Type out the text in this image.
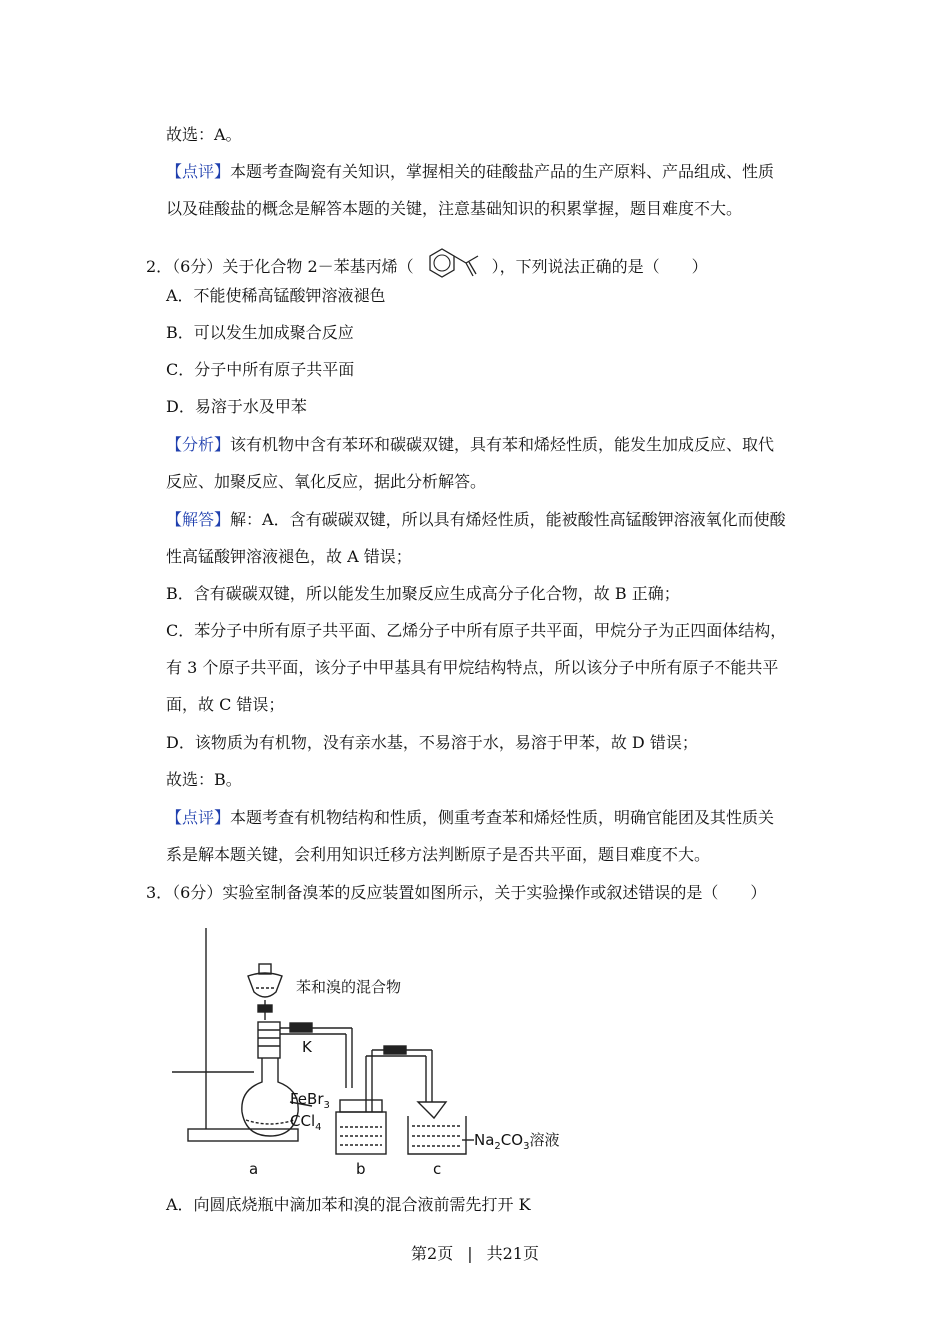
故选：A。
【点评】本题考查陶瓷有关知识，掌握相关的硅酸盐产品的生产原料、产品组成、性质
以及硅酸盐的概念是解答本题的关键，注意基础知识的积累掌握，题目难度不大。
2．（6分）关于化合物 2－苯基丙烯（	），下列说法正确的是（　　）
A．不能使稀高锰酸钾溶液褪色
B．可以发生加成聚合反应
C．分子中所有原子共平面
D．易溶于水及甲苯
【分析】该有机物中含有苯环和碳碳双键，具有苯和烯烃性质，能发生加成反应、取代
反应、加聚反应、氧化反应，据此分析解答。
【解答】解：A．含有碳碳双键，所以具有烯烃性质，能被酸性高锰酸钾溶液氧化而使酸
性高锰酸钾溶液褪色，故 A 错误；
B．含有碳碳双键，所以能发生加聚反应生成高分子化合物，故 B 正确；
C．苯分子中所有原子共平面、乙烯分子中所有原子共平面，甲烷分子为正四面体结构，
有 3 个原子共平面，该分子中甲基具有甲烷结构特点，所以该分子中所有原子不能共平
面，故 C 错误；
D．该物质为有机物，没有亲水基，不易溶于水，易溶于甲苯，故 D 错误；
故选：B。
【点评】本题考查有机物结构和性质，侧重考查苯和烯烃性质，明确官能团及其性质关
系是解本题关键，会利用知识迁移方法判断原子是否共平面，题目难度不大。
3．（6分）实验室制备溴苯的反应装置如图所示，关于实验操作或叙述错误的是（　　）
苯和溴的混合物
K
FeBr$_3$
CCl$_4$
$Na_2CO_3$溶液
a	b	c
A．向圆底烧瓶中滴加苯和溴的混合液前需先打开 K
第2页 | 共21页
